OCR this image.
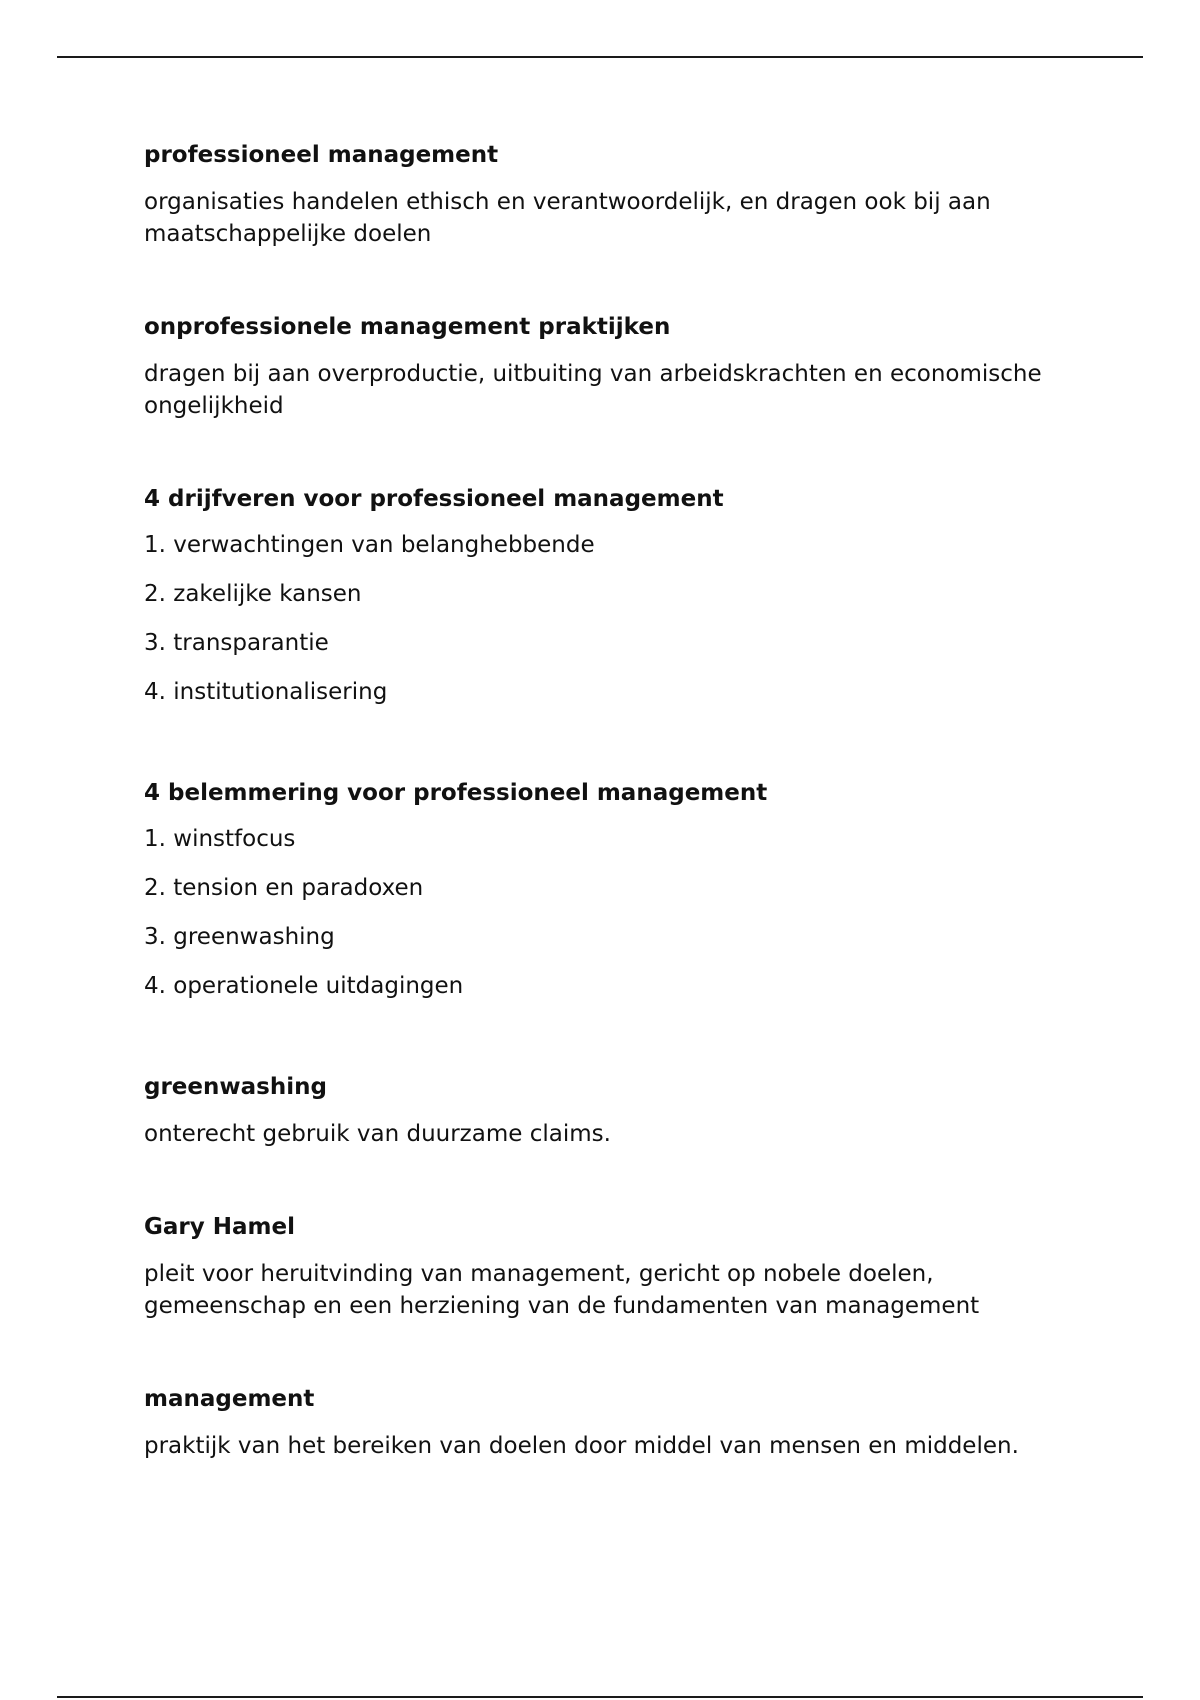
professioneel management

organisaties handelen ethisch en verantwoordelijk, en dragen ook bij aan maatschappelijke doelen

onprofessionele management praktijken

dragen bij aan overproductie, uitbuiting van arbeidskrachten en economische ongelijkheid

4 drijfveren voor professioneel management
1. verwachtingen van belanghebbende
2. zakelijke kansen
3. transparantie
4. institutionalisering
4 belemmering voor professioneel management
1. winstfocus
2. tension en paradoxen
3. greenwashing
4. operationele uitdagingen
greenwashing

onterecht gebruik van duurzame claims.

Gary Hamel

pleit voor heruitvinding van management, gericht op nobele doelen, gemeenschap en een herziening van de fundamenten van management

management

praktijk van het bereiken van doelen door middel van mensen en middelen.
